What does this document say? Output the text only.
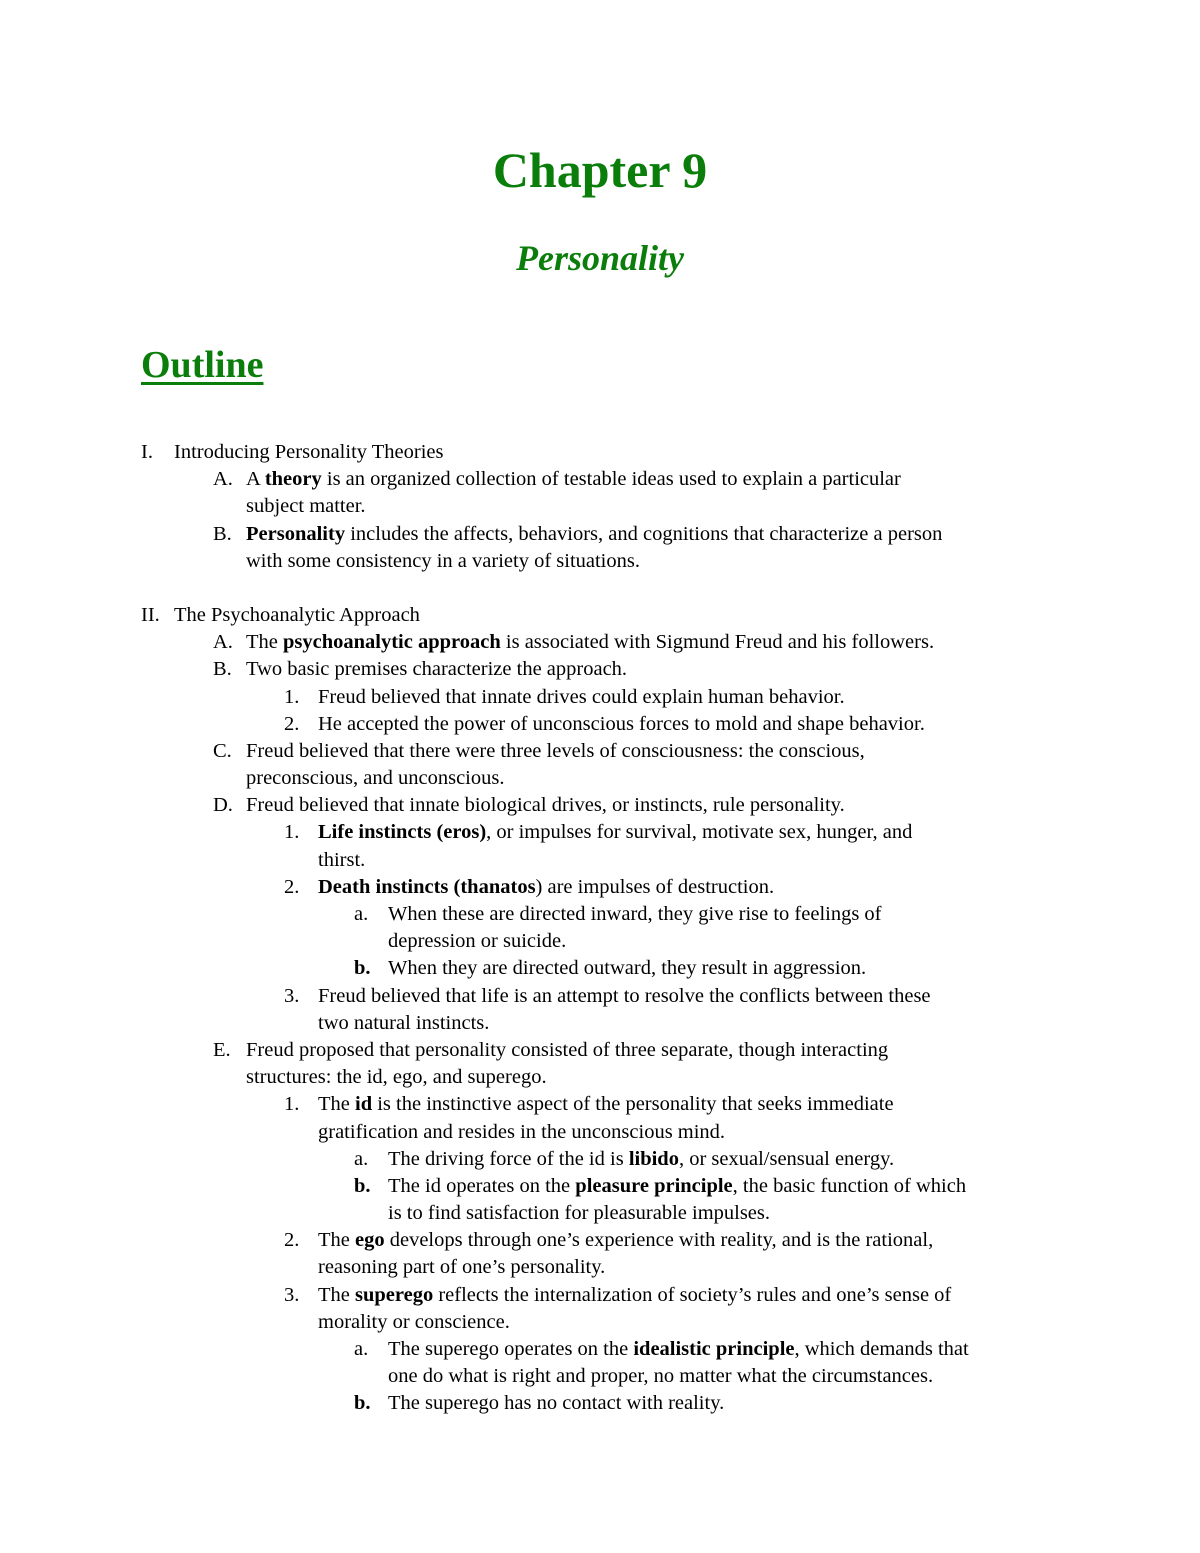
Chapter 9
Personality
Outline
I. Introducing Personality Theories
A. A theory is an organized collection of testable ideas used to explain a particular
subject matter.
B. Personality includes the affects, behaviors, and cognitions that characterize a person
with some consistency in a variety of situations.
II. The Psychoanalytic Approach
A. The psychoanalytic approach is associated with Sigmund Freud and his followers.
B. Two basic premises characterize the approach.
1. Freud believed that innate drives could explain human behavior.
2. He accepted the power of unconscious forces to mold and shape behavior.
C. Freud believed that there were three levels of consciousness: the conscious,
preconscious, and unconscious.
D. Freud believed that innate biological drives, or instincts, rule personality.
1. Life instincts (eros), or impulses for survival, motivate sex, hunger, and
thirst.
2. Death instincts (thanatos) are impulses of destruction.
a. When these are directed inward, they give rise to feelings of
depression or suicide.
b. When they are directed outward, they result in aggression.
3. Freud believed that life is an attempt to resolve the conflicts between these
two natural instincts.
E. Freud proposed that personality consisted of three separate, though interacting
structures: the id, ego, and superego.
1. The id is the instinctive aspect of the personality that seeks immediate
gratification and resides in the unconscious mind.
a. The driving force of the id is libido, or sexual/sensual energy.
b. The id operates on the pleasure principle, the basic function of which
is to find satisfaction for pleasurable impulses.
2. The ego develops through one’s experience with reality, and is the rational,
reasoning part of one’s personality.
3. The superego reflects the internalization of society’s rules and one’s sense of
morality or conscience.
a. The superego operates on the idealistic principle, which demands that
one do what is right and proper, no matter what the circumstances.
b. The superego has no contact with reality.
